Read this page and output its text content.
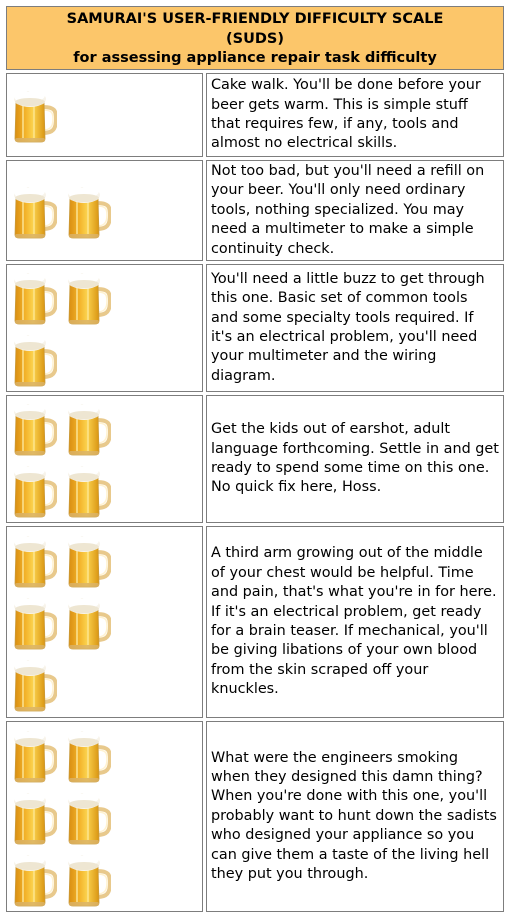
SAMURAI'S USER-FRIENDLY DIFFICULTY SCALE
(SUDS)
for assessing appliance repair task difficulty
Cake walk. You'll be done before your beer gets warm. This is simple stuff that requires few, if any, tools and almost no electrical skills.
Not too bad, but you'll need a refill on your beer. You'll only need ordinary tools, nothing specialized. You may need a multimeter to make a simple continuity check.
You'll need a little buzz to get through this one. Basic set of common tools and some specialty tools required. If it's an electrical problem, you'll need your multimeter and the wiring diagram.
Get the kids out of earshot, adult language forthcoming. Settle in and get ready to spend some time on this one. No quick fix here, Hoss.
A third arm growing out of the middle of your chest would be helpful. Time and pain, that's what you're in for here. If it's an electrical problem, get ready for a brain teaser. If mechanical, you'll be giving libations of your own blood from the skin scraped off your knuckles.
What were the engineers smoking when they designed this damn thing? When you're done with this one, you'll probably want to hunt down the sadists who designed your appliance so you can give them a taste of the living hell they put you through.
